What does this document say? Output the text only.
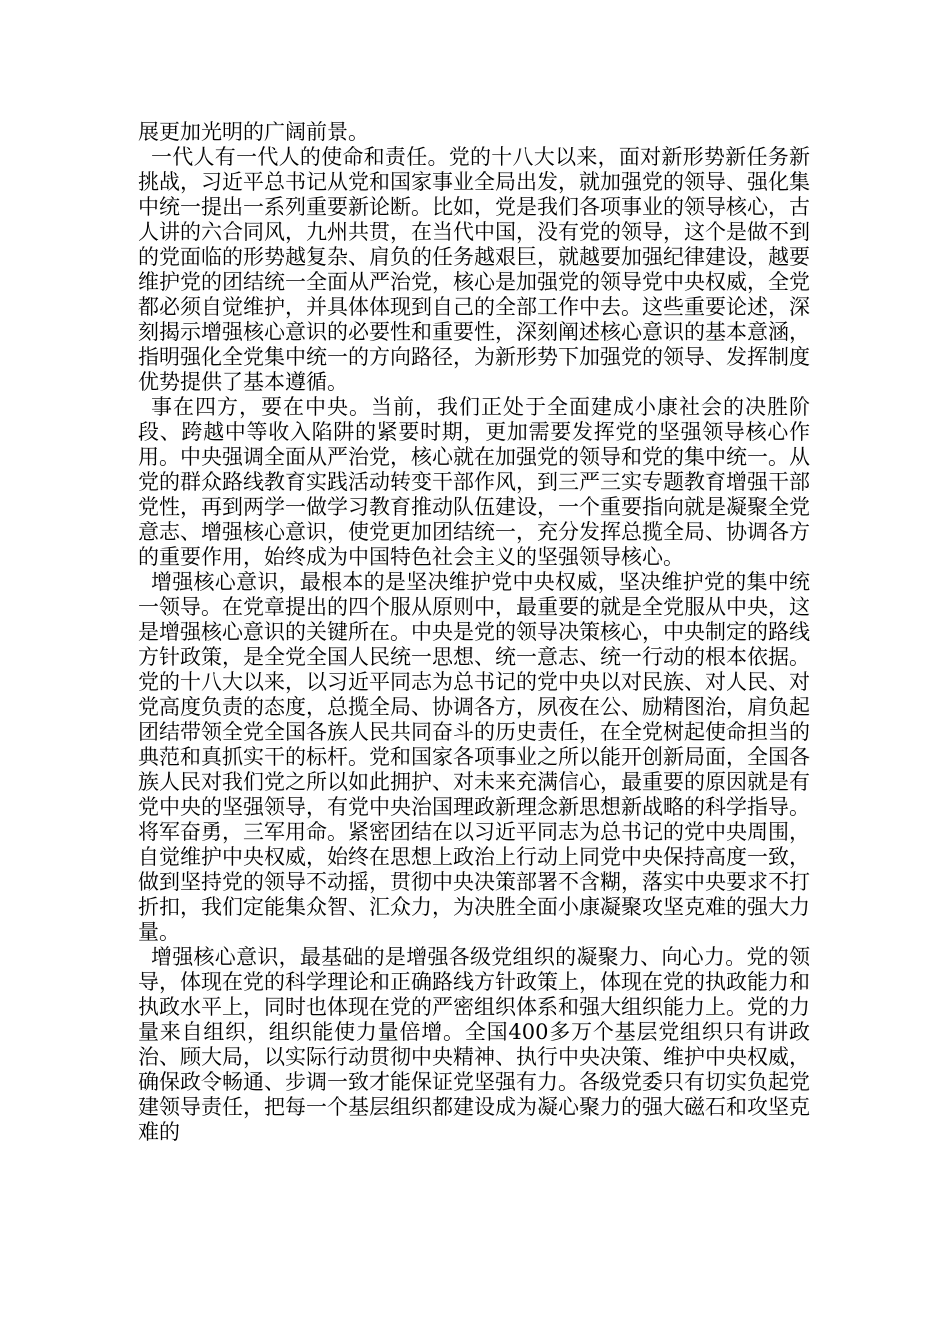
展更加光明的广阔前景。

一代人有一代人的使命和责任。党的十八大以来，面对新形势新任务新挑战，习近平总书记从党和国家事业全局出发，就加强党的领导、强化集中统一提出一系列重要新论断。比如，党是我们各项事业的领导核心，古人讲的六合同风，九州共贯，在当代中国，没有党的领导，这个是做不到的党面临的形势越复杂、肩负的任务越艰巨，就越要加强纪律建设，越要维护党的团结统一全面从严治党，核心是加强党的领导党中央权威，全党都必须自觉维护，并具体体现到自己的全部工作中去。这些重要论述，深刻揭示增强核心意识的必要性和重要性，深刻阐述核心意识的基本意涵，指明强化全党集中统一的方向路径，为新形势下加强党的领导、发挥制度优势提供了基本遵循。

事在四方，要在中央。当前，我们正处于全面建成小康社会的决胜阶段、跨越中等收入陷阱的紧要时期，更加需要发挥党的坚强领导核心作用。中央强调全面从严治党，核心就在加强党的领导和党的集中统一。从党的群众路线教育实践活动转变干部作风，到三严三实专题教育增强干部党性，再到两学一做学习教育推动队伍建设，一个重要指向就是凝聚全党意志、增强核心意识，使党更加团结统一，充分发挥总揽全局、协调各方的重要作用，始终成为中国特色社会主义的坚强领导核心。

增强核心意识，最根本的是坚决维护党中央权威，坚决维护党的集中统一领导。在党章提出的四个服从原则中，最重要的就是全党服从中央，这是增强核心意识的关键所在。中央是党的领导决策核心，中央制定的路线方针政策，是全党全国人民统一思想、统一意志、统一行动的根本依据。党的十八大以来，以习近平同志为总书记的党中央以对民族、对人民、对党高度负责的态度，总揽全局、协调各方，夙夜在公、励精图治，肩负起团结带领全党全国各族人民共同奋斗的历史责任，在全党树起使命担当的典范和真抓实干的标杆。党和国家各项事业之所以能开创新局面，全国各族人民对我们党之所以如此拥护、对未来充满信心，最重要的原因就是有党中央的坚强领导，有党中央治国理政新理念新思想新战略的科学指导。将军奋勇，三军用命。紧密团结在以习近平同志为总书记的党中央周围，自觉维护中央权威，始终在思想上政治上行动上同党中央保持高度一致，做到坚持党的领导不动摇，贯彻中央决策部署不含糊，落实中央要求不打折扣，我们定能集众智、汇众力，为决胜全面小康凝聚攻坚克难的强大力量。

增强核心意识，最基础的是增强各级党组织的凝聚力、向心力。党的领导，体现在党的科学理论和正确路线方针政策上，体现在党的执政能力和执政水平上，同时也体现在党的严密组织体系和强大组织能力上。党的力量来自组织，组织能使力量倍增。全国400多万个基层党组织只有讲政治、顾大局，以实际行动贯彻中央精神、执行中央决策、维护中央权威，确保政令畅通、步调一致才能保证党坚强有力。各级党委只有切实负起党建领导责任，把每一个基层组织都建设成为凝心聚力的强大磁石和攻坚克难的
